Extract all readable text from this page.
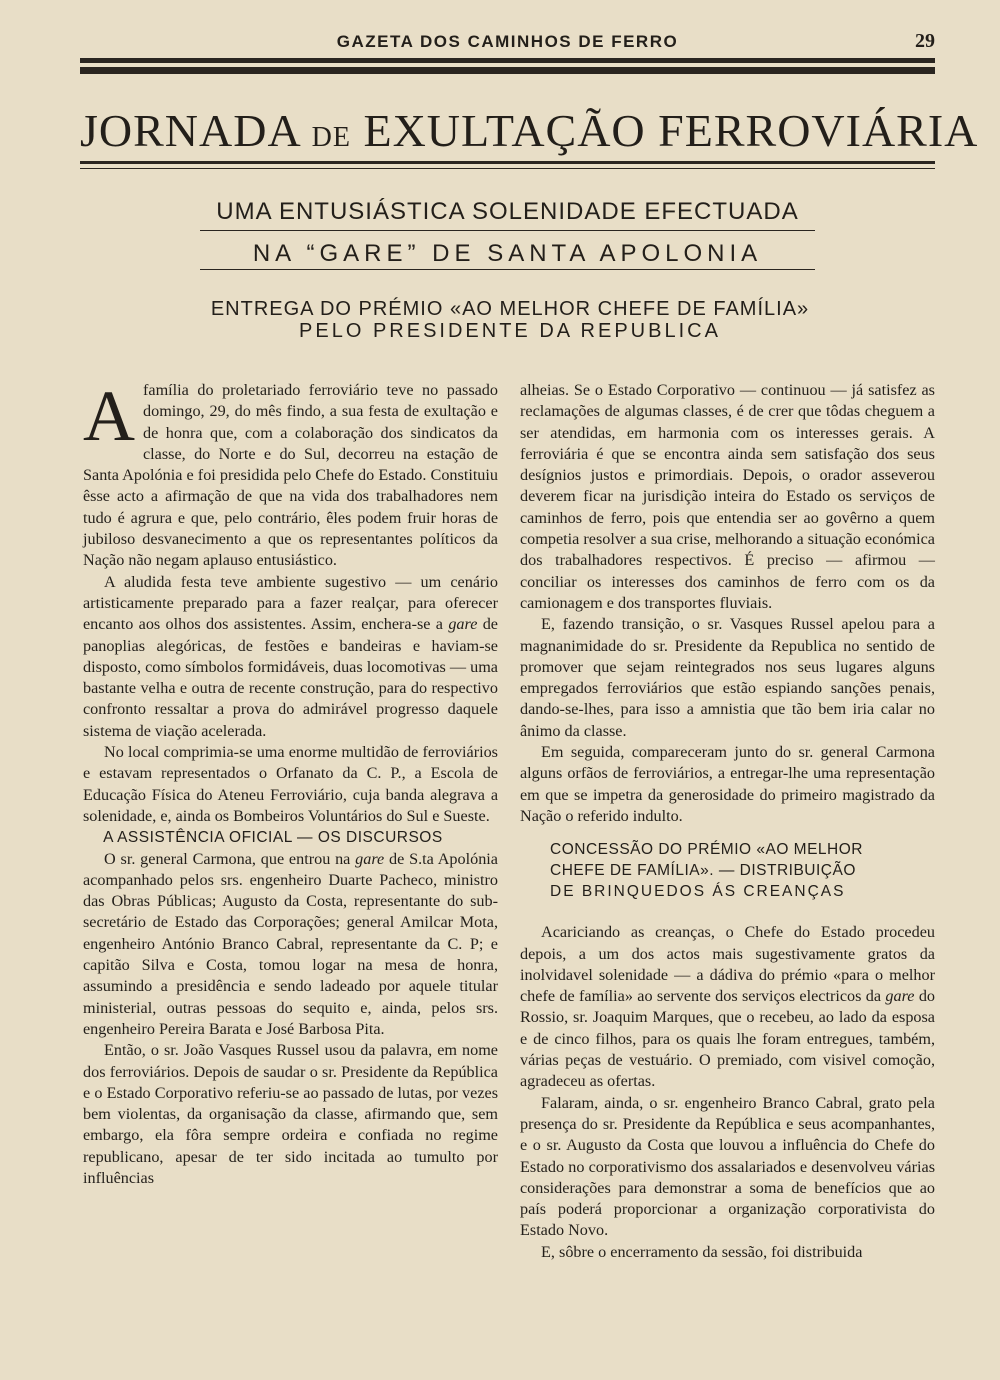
GAZETA DOS CAMINHOS DE FERRO	29
JORNADA DE EXULTAÇÃO FERROVIÁRIA
UMA ENTUSIÁSTICA SOLENIDADE EFECTUADA
NA “GARE” DE SANTA APOLONIA
ENTREGA DO PRÉMIO «AO MELHOR CHEFE DE FAMÍLIA»
PELO PRESIDENTE DA REPUBLICA

Afamília do proletariado ferroviário teve no passado domingo, 29, do mês findo, a sua festa de exultação e de honra que, com a colaboração dos sindicatos da classe, do Norte e do Sul, decorreu na estação de Santa Apolónia e foi presidida pelo Chefe do Estado. Constituiu êsse acto a afirmação de que na vida dos trabalhadores nem tudo é agrura e que, pelo contrário, êles podem fruir horas de jubiloso desvanecimento a que os representantes políticos da Nação não negam aplauso entusiástico.

A aludida festa teve ambiente sugestivo — um cenário artisticamente preparado para a fazer realçar, para oferecer encanto aos olhos dos assistentes. Assim, enchera-se a gare de panoplias alegóricas, de festões e bandeiras e haviam-se disposto, como símbolos formidáveis, duas locomotivas — uma bastante velha e outra de recente construção, para do respectivo confronto ressaltar a prova do admirável progresso daquele sistema de viação acelerada.

No local comprimia-se uma enorme multidão de ferroviários e estavam representados o Orfanato da C. P., a Escola de Educação Física do Ateneu Ferroviário, cuja banda alegrava a solenidade, e, ainda os Bombeiros Voluntários do Sul e Sueste.

A ASSISTÊNCIA OFICIAL — OS DISCURSOS

O sr. general Carmona, que entrou na gare de S.ta Apolónia acompanhado pelos srs. engenheiro Duarte Pacheco, ministro das Obras Públicas; Augusto da Costa, representante do sub-secretário de Estado das Corporações; general Amilcar Mota, engenheiro António Branco Cabral, representante da C. P; e capitão Silva e Costa, tomou logar na mesa de honra, assumindo a presidência e sendo ladeado por aquele titular ministerial, outras pessoas do sequito e, ainda, pelos srs. engenheiro Pereira Barata e José Barbosa Pita.

Então, o sr. João Vasques Russel usou da palavra, em nome dos ferroviários. Depois de saudar o sr. Presidente da República e o Estado Corporativo referiu-se ao passado de lutas, por vezes bem violentas, da organisação da classe, afirmando que, sem embargo, ela fôra sempre ordeira e confiada no regime republicano, apesar de ter sido incitada ao tumulto por influências

alheias. Se o Estado Corporativo — continuou — já satisfez as reclamações de algumas classes, é de crer que tôdas cheguem a ser atendidas, em harmonia com os interesses gerais. A ferroviária é que se encontra ainda sem satisfação dos seus desígnios justos e primordiais. Depois, o orador asseverou deverem ficar na jurisdição inteira do Estado os serviços de caminhos de ferro, pois que entendia ser ao govêrno a quem competia resolver a sua crise, melhorando a situação económica dos trabalhadores respectivos. É preciso — afirmou — conciliar os interesses dos caminhos de ferro com os da camionagem e dos transportes fluviais.

E, fazendo transição, o sr. Vasques Russel apelou para a magnanimidade do sr. Presidente da Republica no sentido de promover que sejam reintegrados nos seus lugares alguns empregados ferroviários que estão espiando sanções penais, dando-se-lhes, para isso a amnistia que tão bem iria calar no ânimo da classe.

Em seguida, compareceram junto do sr. general Carmona alguns orfãos de ferroviários, a entregar-lhe uma representação em que se impetra da generosidade do primeiro magistrado da Nação o referido indulto.

CONCESSÃO DO PRÉMIO «AO MELHOR
CHEFE DE FAMÍLIA». — DISTRIBUIÇÃO
DE BRINQUEDOS ÁS CREANÇAS

Acariciando as creanças, o Chefe do Estado procedeu depois, a um dos actos mais sugestivamente gratos da inolvidavel solenidade — a dádiva do prémio «para o melhor chefe de família» ao servente dos serviços electricos da gare do Rossio, sr. Joaquim Marques, que o recebeu, ao lado da esposa e de cinco filhos, para os quais lhe foram entregues, também, várias peças de vestuário. O premiado, com visivel comoção, agradeceu as ofertas.

Falaram, ainda, o sr. engenheiro Branco Cabral, grato pela presença do sr. Presidente da República e seus acompanhantes, e o sr. Augusto da Costa que louvou a influência do Chefe do Estado no corporativismo dos assalariados e desenvolveu várias considerações para demonstrar a soma de benefícios que ao país poderá proporcionar a organização corporativista do Estado Novo.

E, sôbre o encerramento da sessão, foi distribuida
